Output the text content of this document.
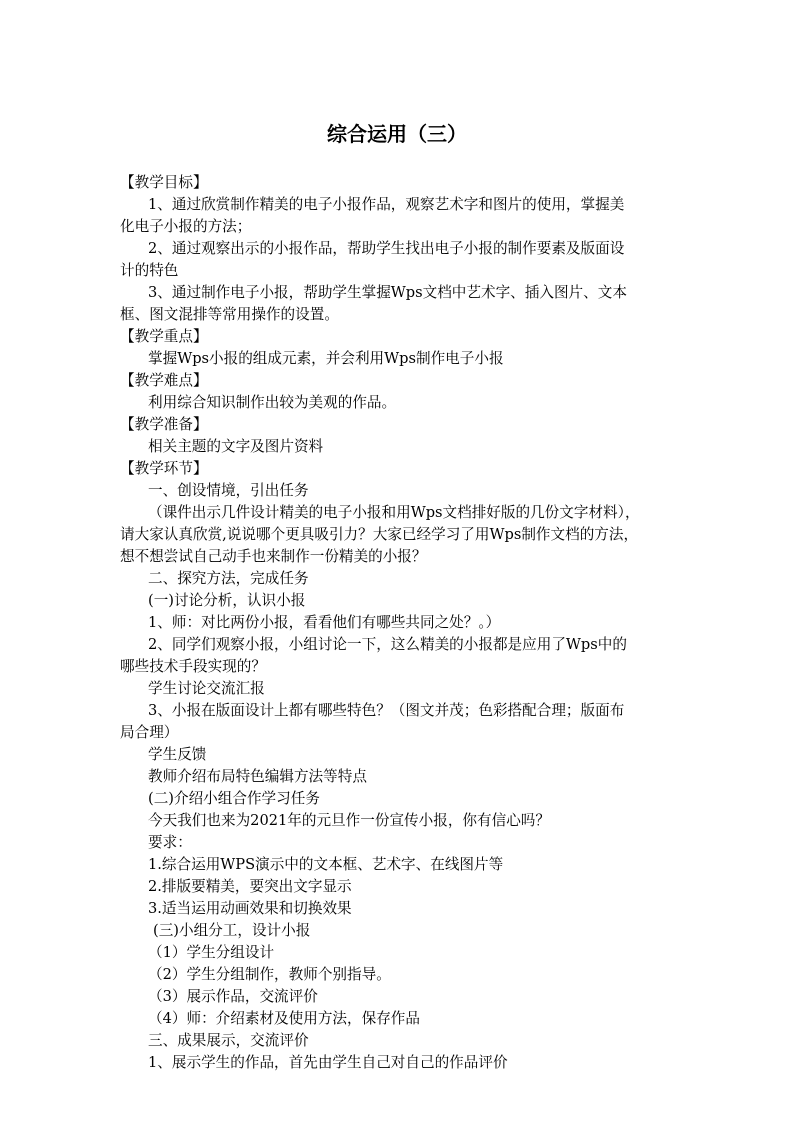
综合运用（三）
【教学目标】
1、通过欣赏制作精美的电子小报作品，观察艺术字和图片的使用，掌握美
化电子小报的方法；
2、通过观察出示的小报作品，帮助学生找出电子小报的制作要素及版面设
计的特色
3、通过制作电子小报，帮助学生掌握Wps文档中艺术字、插入图片、文本
框、图文混排等常用操作的设置。
【教学重点】
掌握Wps小报的组成元素，并会利用Wps制作电子小报
【教学难点】
利用综合知识制作出较为美观的作品。
【教学准备】
相关主题的文字及图片资料
【教学环节】
一、创设情境，引出任务
（课件出示几件设计精美的电子小报和用Wps文档排好版的几份文字材料），
请大家认真欣赏,说说哪个更具吸引力？大家已经学习了用Wps制作文档的方法，
想不想尝试自己动手也来制作一份精美的小报？
二、探究方法，完成任务
(一)讨论分析，认识小报
1、师：对比两份小报，看看他们有哪些共同之处？。）
2、同学们观察小报，小组讨论一下，这么精美的小报都是应用了Wps中的
哪些技术手段实现的？
学生讨论交流汇报
3、小报在版面设计上都有哪些特色？（图文并茂；色彩搭配合理；版面布
局合理）
学生反馈
教师介绍布局特色编辑方法等特点
(二)介绍小组合作学习任务
今天我们也来为2021年的元旦作一份宣传小报，你有信心吗？
要求：
1.综合运用WPS演示中的文本框、艺术字、在线图片等
2.排版要精美，要突出文字显示
3.适当运用动画效果和切换效果
(三)小组分工，设计小报
（1）学生分组设计
（2）学生分组制作，教师个别指导。
（3）展示作品，交流评价
（4）师：介绍素材及使用方法，保存作品
三、成果展示，交流评价
1、展示学生的作品，首先由学生自己对自己的作品评价
